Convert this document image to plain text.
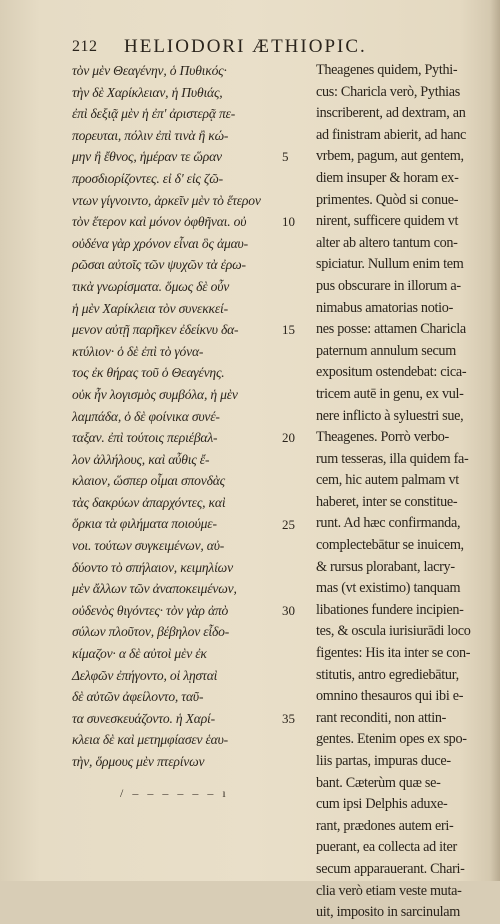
212 HELIODORI ÆTHIOPIC.
τὸν μὲν Θεαγένην, ὁ Πυθικός·
τὴν δὲ Χαρίκλειαν, ἡ Πυθιάς,
ἐπὶ δεξιᾷ μὲν ἡ ἐπ' ἀριστερᾷ πε-
πορευται, πόλιν ἐπὶ τινὰ ἢ κώ-
μην ἢ ἔθνος, ἡμέραν τε ὥραν
προσδιορίζοντες. εἰ δ' εἰς ζῶ-
ντων γίγνοιντο, ἀρκεῖν μὲν τὸ ἕτερον
τὸν ἕτερον καὶ μόνον ὀφθῆναι. οὐ
οὐδένα γὰρ χρόνον εἶναι ὃς ἀμαυ-
ρῶσαι αὐτοῖς τῶν ψυχῶν τὰ ἐρω-
τικὰ γνωρίσματα. ὅμως δὲ οὖν
ἡ μὲν Χαρίκλεια τὸν συνεκκεί-
μενον αὐτῇ παρῆκεν ἐδείκνυ δα-
κτύλιον· ὁ δὲ ἐπὶ τὸ γόνα-
τος ἐκ θήρας τοῦ ὁ Θεαγένης.
οὐκ ἦν λογισμὸς συμβόλα, ἡ μὲν
λαμπάδα, ὁ δὲ φοίνικα συνέ-
ταξαν. ἐπὶ τούτοις περιέβαλ-
λον ἀλλήλους, καὶ αὖθις ἔ-
κλαιον, ὥσπερ οἶμαι σπονδὰς
τὰς δακρύων ἀπαρχόντες, καὶ
ὅρκια τὰ φιλήματα ποιούμε-
νοι. τούτων συγκειμένων, αὐ-
δύοντο τὸ σπήλαιον, κειμηλίων
μὲν ἄλλων τῶν ἀναποκειμένων,
οὐδενὸς θιγόντες· τὸν γὰρ ἀπὸ
σύλων πλοῦτον, βέβηλον εἶδο-
κίμαζον· α δὲ αὐτοὶ μὲν ἐκ
Δελφῶν ἐπήγοντο, οἱ λῃσταὶ
δὲ αὐτῶν ἀφείλοντο, ταῦ-
τα συνεσκευάζοντο. ἡ Χαρί-
κλεια δὲ καὶ μετημφίασεν ἑαυ-
τὴν, ὅρμους μὲν πτερίνων
5
10
15
20
25
30
35
Theagenes quidem, Pythi-
cus: Charicla verò, Pythias
inscriberent, ad dextram, an
ad finistram abierit, ad hanc
vrbem, pagum, aut gentem,
diem insuper & horam ex-
primentes. Quòd si conue-
nirent, sufficere quidem vt
alter ab altero tantum con-
spiciatur. Nullum enim tem
pus obscurare in illorum a-
nimabus amatorias notio-
nes posse: attamen Charicla
paternum annulum secum
expositum ostendebat: cica-
tricem autē in genu, ex vul-
nere inflicto à syluestri sue,
Theagenes. Porrò verbo-
rum tesseras, illa quidem fa-
cem, hic autem palmam vt
haberet, inter se constitue-
runt. Ad hæc confirmanda,
complectebātur se inuicem,
& rursus plorabant, lacry-
mas (vt existimo) tanquam
libationes fundere incipien-
tes, & oscula iurisiurādi loco
figentes: His ita inter se con-
stitutis, antro egrediebātur,
omnino thesauros qui ibi e-
rant reconditi, non attin-
gentes. Etenim opes ex spo-
liis partas, impuras duce-
bant. Cæterùm quæ se-
cum ipsi Delphis aduxe-
rant, prædones autem eri-
puerant, ea collecta ad iter
secum apparauerant. Chari-
clia verò etiam veste muta-
uit, imposito in sarcinulam
/ ‒ ‒ ‒ ‒ ‒ ‒ ı
